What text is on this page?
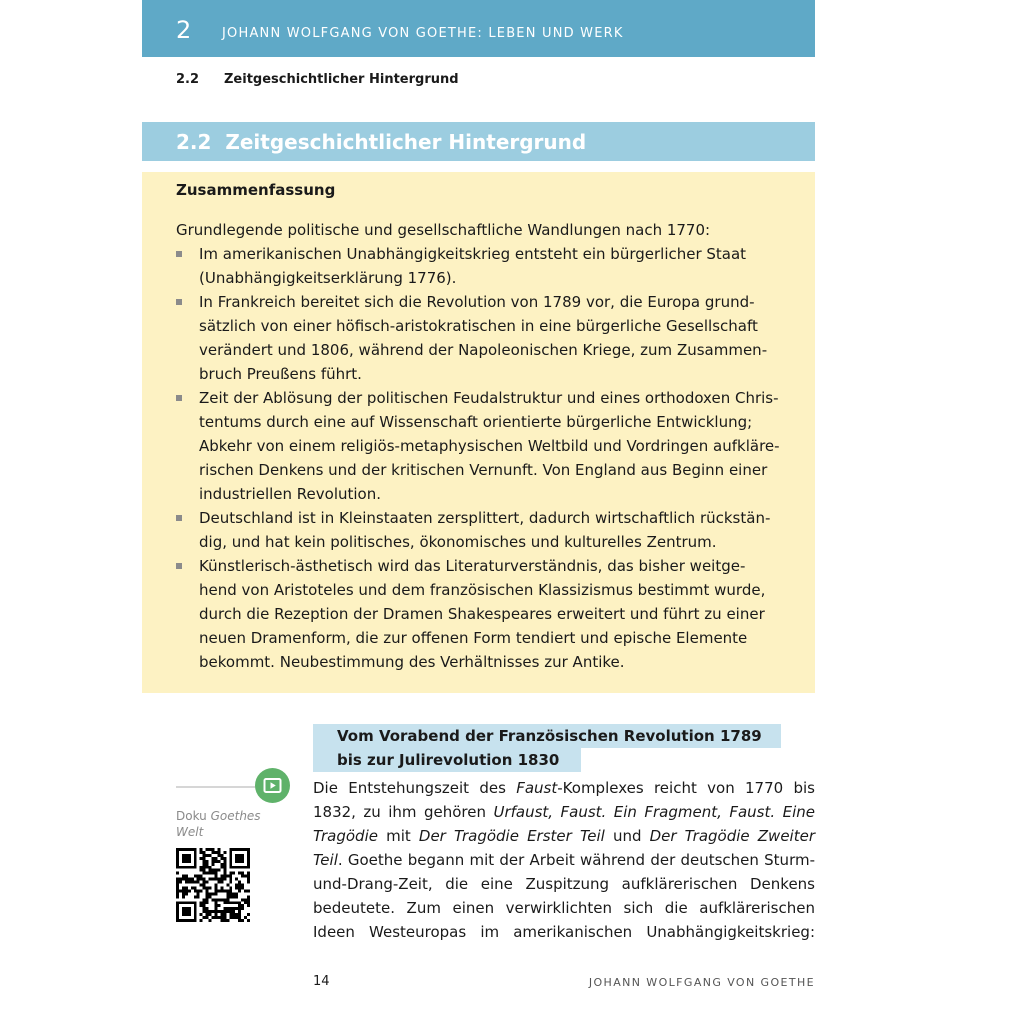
2 JOHANN WOLFGANG VON GOETHE: LEBEN UND WERK
2.2 Zeitgeschichtlicher Hintergrund
2.2  Zeitgeschichtlicher Hintergrund
Zusammenfassung
Grundlegende politische und gesellschaftliche Wandlungen nach 1770:
Im amerikanischen Unabhängigkeitskrieg entsteht ein bürgerlicher Staat
(Unabhängigkeitserklärung 1776).
In Frankreich bereitet sich die Revolution von 1789 vor, die Europa grund-
sätzlich von einer höfisch-aristokratischen in eine bürgerliche Gesellschaft
verändert und 1806, während der Napoleonischen Kriege, zum Zusammen-
bruch Preußens führt.
Zeit der Ablösung der politischen Feudalstruktur und eines orthodoxen Chris-
tentums durch eine auf Wissenschaft orientierte bürgerliche Entwicklung;
Abkehr von einem religiös-metaphysischen Weltbild und Vordringen aufkläre-
rischen Denkens und der kritischen Vernunft. Von England aus Beginn einer
industriellen Revolution.
Deutschland ist in Kleinstaaten zersplittert, dadurch wirtschaftlich rückstän-
dig, und hat kein politisches, ökonomisches und kulturelles Zentrum.
Künstlerisch-ästhetisch wird das Literaturverständnis, das bisher weitge-
hend von Aristoteles und dem französischen Klassizismus bestimmt wurde,
durch die Rezeption der Dramen Shakespeares erweitert und führt zu einer
neuen Dramenform, die zur offenen Form tendiert und epische Elemente
bekommt. Neubestimmung des Verhältnisses zur Antike.
Doku Goethes Welt
Vom Vorabend der Französischen Revolution 1789
bis zur Julirevolution 1830
Die Entstehungszeit des Faust-Komplexes reicht von 1770 bis
1832, zu ihm gehören Urfaust, Faust. Ein Fragment, Faust. Eine
Tragödie mit Der Tragödie Erster Teil und Der Tragödie Zweiter
Teil. Goethe begann mit der Arbeit während der deutschen Sturm-
und-Drang-Zeit, die eine Zuspitzung aufklärerischen Denkens
bedeutete. Zum einen verwirklichten sich die aufklärerischen
Ideen Westeuropas im amerikanischen Unabhängigkeitskrieg:
14	JOHANN WOLFGANG VON GOETHE
